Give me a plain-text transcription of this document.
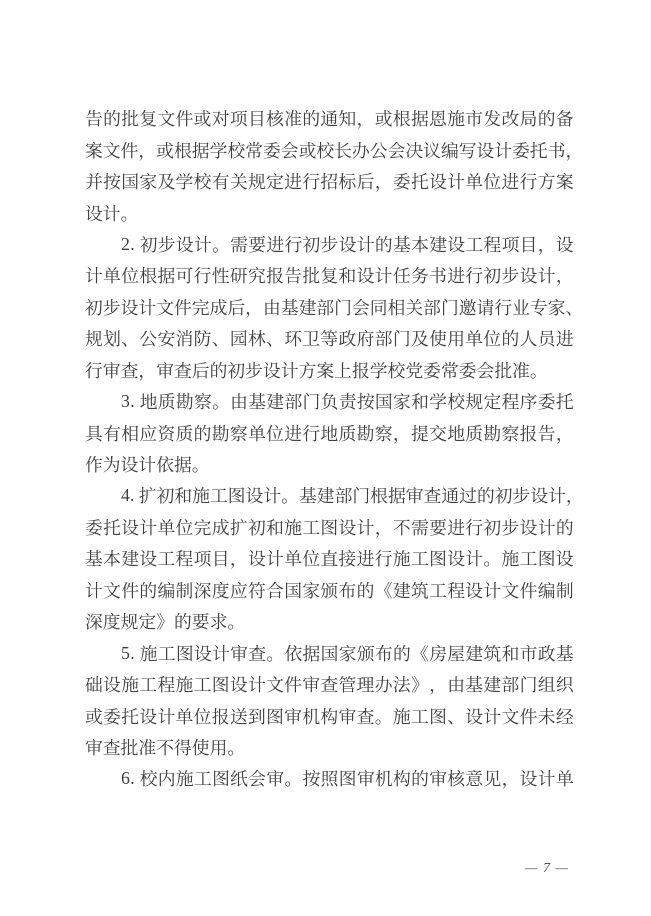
告 的 批 复 文 件 或 对 项 目 核 准 的 通 知 ， 或 根 据 恩 施 市 发 改 局 的 备
案 文 件 ， 或 根 据 学 校 常 委 会 或 校 长 办 公 会 决 议 编 写 设 计 委 托 书 ，
并 按 国 家 及 学 校 有 关 规 定 进 行 招 标 后 ， 委 托 设 计 单 位 进 行 方 案
设 计 。
2 .
初 步 设 计 。 需 要 进 行 初 步 设 计 的 基 本 建 设 工 程 项 目 ， 设
计 单 位 根 据 可 行 性 研 究 报 告 批 复 和 设 计 任 务 书 进 行 初 步 设 计 ，
初 步 设 计 文 件 完 成 后 ， 由 基 建 部 门 会 同 相 关 部 门 邀 请 行 业 专 家 、
规 划 、 公 安 消 防 、 园 林 、 环 卫 等 政 府 部 门 及 使 用 单 位 的 人 员 进
行 审 查 ， 审 查 后 的 初 步 设 计 方 案 上 报 学 校 党 委 常 委 会 批 准 。
3 .
地 质 勘 察 。 由 基 建 部 门 负 责 按 国 家 和 学 校 规 定 程 序 委 托
具 有 相 应 资 质 的 勘 察 单 位 进 行 地 质 勘 察 ， 提 交 地 质 勘 察 报 告 ，
作 为 设 计 依 据 。
4 .
扩 初 和 施 工 图 设 计 。 基 建 部 门 根 据 审 查 通 过 的 初 步 设 计 ，
委 托 设 计 单 位 完 成 扩 初 和 施 工 图 设 计 ， 不 需 要 进 行 初 步 设 计 的
基 本 建 设 工 程 项 目 ， 设 计 单 位 直 接 进 行 施 工 图 设 计 。 施 工 图 设
计 文 件 的 编 制 深 度 应 符 合 国 家 颁 布 的 《 建 筑 工 程 设 计 文 件 编 制
深 度 规 定 》 的 要 求 。
5 .
施 工 图 设 计 审 查 。 依 据 国 家 颁 布 的 《 房 屋 建 筑 和 市 政 基
础 设 施 工 程 施 工 图 设 计 文 件 审 查 管 理 办 法 》 ， 由 基 建 部 门 组 织
或 委 托 设 计 单 位 报 送 到 图 审 机 构 审 查 。 施 工 图 、 设 计 文 件 未 经
审 查 批 准 不 得 使 用 。
6 .
校 内 施 工 图 纸 会 审 。 按 照 图 审 机 构 的 审 核 意 见 ， 设 计 单
— 7 —
